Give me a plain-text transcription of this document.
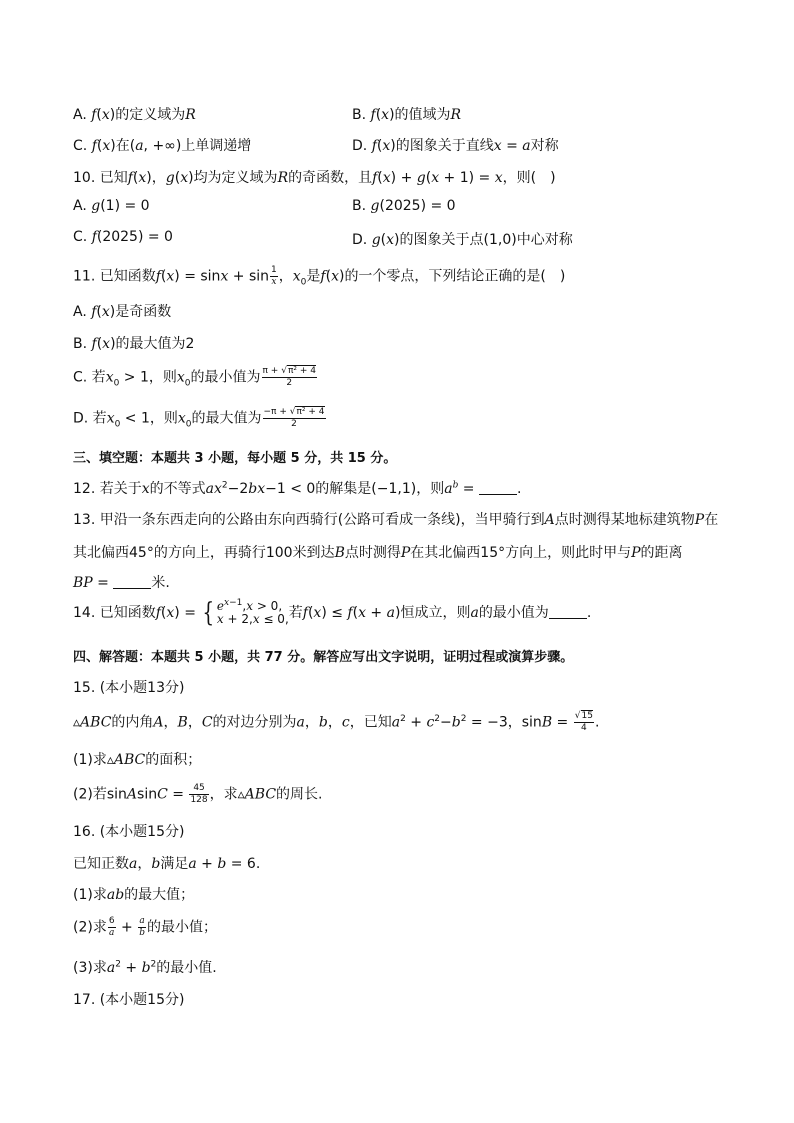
A. f(x)的定义域为R	B. f(x)的值域为R
C. f(x)在(a, +∞)上单调递增	D. f(x)的图象关于直线x = a对称
10. 已知f(x)，g(x)均为定义域为R的奇函数，且f(x) + g(x + 1) = x，则(　)
A. g(1) = 0	B. g(2025) = 0
C. f(2025) = 0	D. g(x)的图象关于点(1,0)中心对称
11. 已知函数$f(x) = \sin x + \sin \frac{1}{x}$ ，$x_0$是f(x)的一个零点，下列结论正确的是(　)
A. f(x)是奇函数
B. f(x)的最大值为2
C. 若$x_0 > 1$，则$x_0$的最小值为 $\frac{\text{π + √π² + 4}}{2}$
D. 若$x_0 < 1$，则$x_0$的最大值为 $\frac{\text{−π + √π² + 4}}{2}$
三、填空题：本题共 3 小题，每小题 5 分，共 15 分。
12. 若关于x的不等式$ax^2-2bx-1 < 0$的解集是(−1,1)，则$a^b$ =	.
13. 甲沿一条东西走向的公路由东向西骑行(公路可看成一条线)，当甲骑行到A点时测得某地标建筑物P在
其北偏西45°的方向上，再骑行100米到达B点时测得P在其北偏西15°方向上，则此时甲与P的距离
BP =	米.
14. 已知函数f(x) = { $e^{x-1},x > 0$,
x + 2,x ≤ 0, 若f(x) ≤ f(x + a)恒成立，则a的最小值为	.
四、解答题：本题共 5 小题，共 77 分。解答应写出文字说明，证明过程或演算步骤。
15. (本小题13分)
▵ABC的内角A，B，C的对边分别为a，b，c，已知$a^2 + c^2-b^2 = -3$，$\sin B = \frac{√15}{4}$ .
(1)求▵ABC的面积；
(2)若sinAsinC = $\frac{45}{128}$ ，求▵ABC的周长.
16. (本小题15分)
已知正数a，b满足a + b = 6.
(1)求ab的最大值；
(2)求 $\frac{6}{a} + \frac{a}{b}$ 的最小值；
(3)求$a^2 + b^2$的最小值.
17. (本小题15分)
